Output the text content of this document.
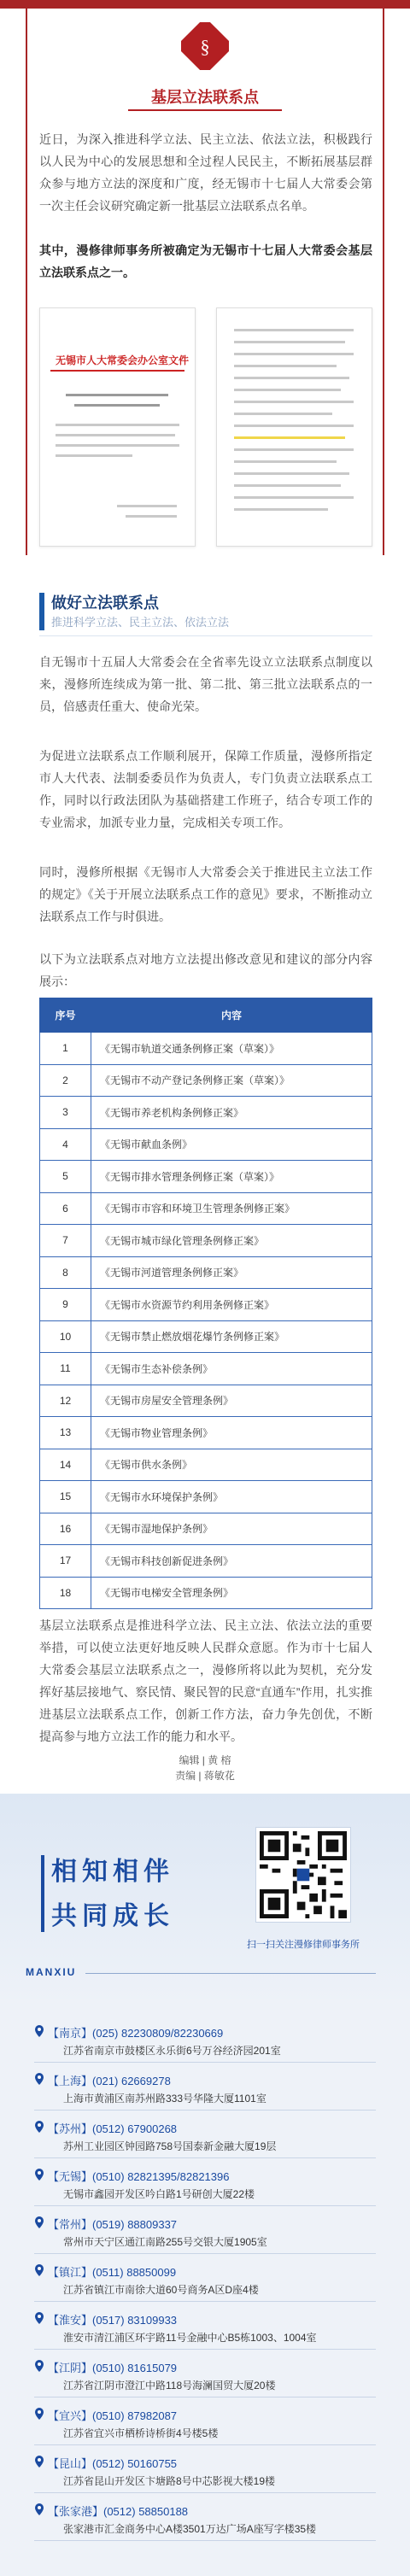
§
基层立法联系点

近日，为深入推进科学立法、民主立法、依法立法，积极践行以人民为中心的发展思想和全过程人民民主，不断拓展基层群众参与地方立法的深度和广度，经无锡市十七届人大常委会第一次主任会议研究确定新一批基层立法联系点名单。

其中，漫修律师事务所被确定为无锡市十七届人大常委会基层立法联系点之一。

无锡市人大常委会办公室文件
做好立法联系点
推进科学立法、民主立法、依法立法

自无锡市十五届人大常委会在全省率先设立立法联系点制度以来，漫修所连续成为第一批、第二批、第三批立法联系点的一员，倍感责任重大、使命光荣。

为促进立法联系点工作顺利展开，保障工作质量，漫修所指定市人大代表、法制委委员作为负责人，专门负责立法联系点工作，同时以行政法团队为基础搭建工作班子，结合专项工作的专业需求，加派专业力量，完成相关专项工作。

同时，漫修所根据《无锡市人大常委会关于推进民主立法工作的规定》《关于开展立法联系点工作的意见》要求，不断推动立法联系点工作与时俱进。

以下为立法联系点对地方立法提出修改意见和建议的部分内容展示：

序号	内容
1	《无锡市轨道交通条例修正案（草案）》
2	《无锡市不动产登记条例修正案（草案）》
3	《无锡市养老机构条例修正案》
4	《无锡市献血条例》
5	《无锡市排水管理条例修正案（草案）》
6	《无锡市市容和环境卫生管理条例修正案》
7	《无锡市城市绿化管理条例修正案》
8	《无锡市河道管理条例修正案》
9	《无锡市水资源节约利用条例修正案》
10	《无锡市禁止燃放烟花爆竹条例修正案》
11	《无锡市生态补偿条例》
12	《无锡市房屋安全管理条例》
13	《无锡市物业管理条例》
14	《无锡市供水条例》
15	《无锡市水环境保护条例》
16	《无锡市湿地保护条例》
17	《无锡市科技创新促进条例》
18	《无锡市电梯安全管理条例》

基层立法联系点是推进科学立法、民主立法、依法立法的重要举措，可以使立法更好地反映人民群众意愿。作为市十七届人大常委会基层立法联系点之一，漫修所将以此为契机，充分发挥好基层接地气、察民情、聚民智的民意“直通车”作用，扎实推进基层立法联系点工作，创新工作方法，奋力争先创优，不断提高参与地方立法工作的能力和水平。

编辑 | 黄 榕
责编 | 蒋敏花
相知相伴
共同成长
扫一扫关注漫修律师事务所
MANXIU
【南京】(025) 82230809/82230669
江苏省南京市鼓楼区永乐街6号万谷经济园201室
【上海】(021) 62669278
上海市黄浦区南苏州路333号华隆大厦1101室
【苏州】(0512) 67900268
苏州工业园区钟园路758号国泰新金融大厦19层
【无锡】(0510) 82821395/82821396
无锡市鑫园开发区吟白路1号研创大厦22楼
【常州】(0519) 88809337
常州市天宁区通江南路255号交银大厦1905室
【镇江】(0511) 88850099
江苏省镇江市南徐大道60号商务A区D座4楼
【淮安】(0517) 83109933
淮安市清江浦区环宇路11号金融中心B5栋1003、1004室
【江阴】(0510) 81615079
江苏省江阴市澄江中路118号海澜国贸大厦20楼
【宜兴】(0510) 87982087
江苏省宜兴市栖桥诗桥街4号楼5楼
【昆山】(0512) 50160755
江苏省昆山开发区卞塘路8号中芯影视大楼19楼
【张家港】(0512) 58850188
张家港市汇金商务中心A楼3501万达广场A座写字楼35楼
